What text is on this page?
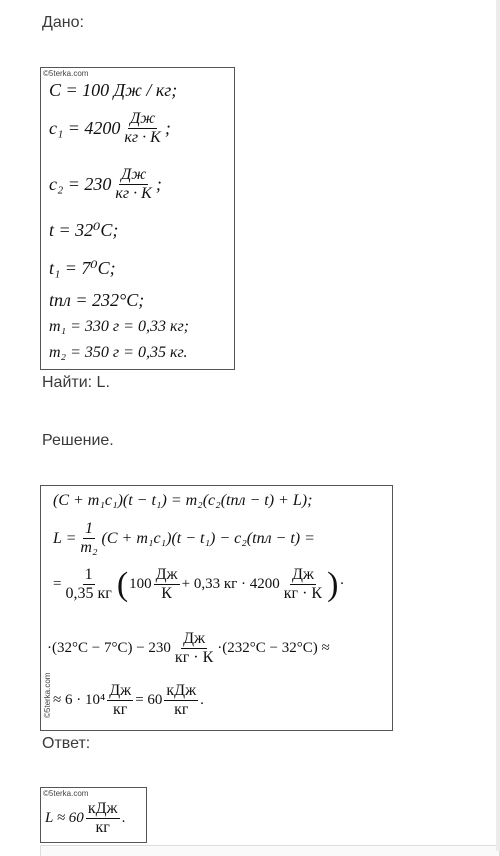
Дано:
©5terka.com
C = 100 Дж / кг;
$c_1 = 4200 \frac{Дж}{кг \cdot K}$ ;
$c_2 = 230 \frac{Дж}{кг \cdot K}$ ;
t = 32⁰C;
t₁ = 7⁰C;
tпл = 232°C;
m₁ = 330 г = 0,33 кг;
m₂ = 350 г = 0,35 кг.
Найти: L.
Решение.
©5terka.com
(C + m₁c₁)(t − t₁) = m₂(c₂(tпл − t) + L);
$L = \frac{1}{\text{m₂}} (C + m_1c_1)(t - t_1) - c_2(tпл - t)$ =
= $\frac{1}{0,35 кг}$ ( $100 \frac{Дж}{К} + 0,33$ кг · $4200 \frac{Дж}{кг \cdot К}$ ) ·
$\cdot(32^\circ C - 7^\circ C) - 230 \frac{Дж}{кг \cdot К} \cdot(232^\circ C - 32^\circ C)$ ≈
≈ $6 \cdot 10^4 \frac{Дж}{кг} = 60 \frac{\text{кДж}}{кг}$ .
Ответ:
©5terka.com
$L \approx 60 \frac{\text{кДж}}{кг}$ .
